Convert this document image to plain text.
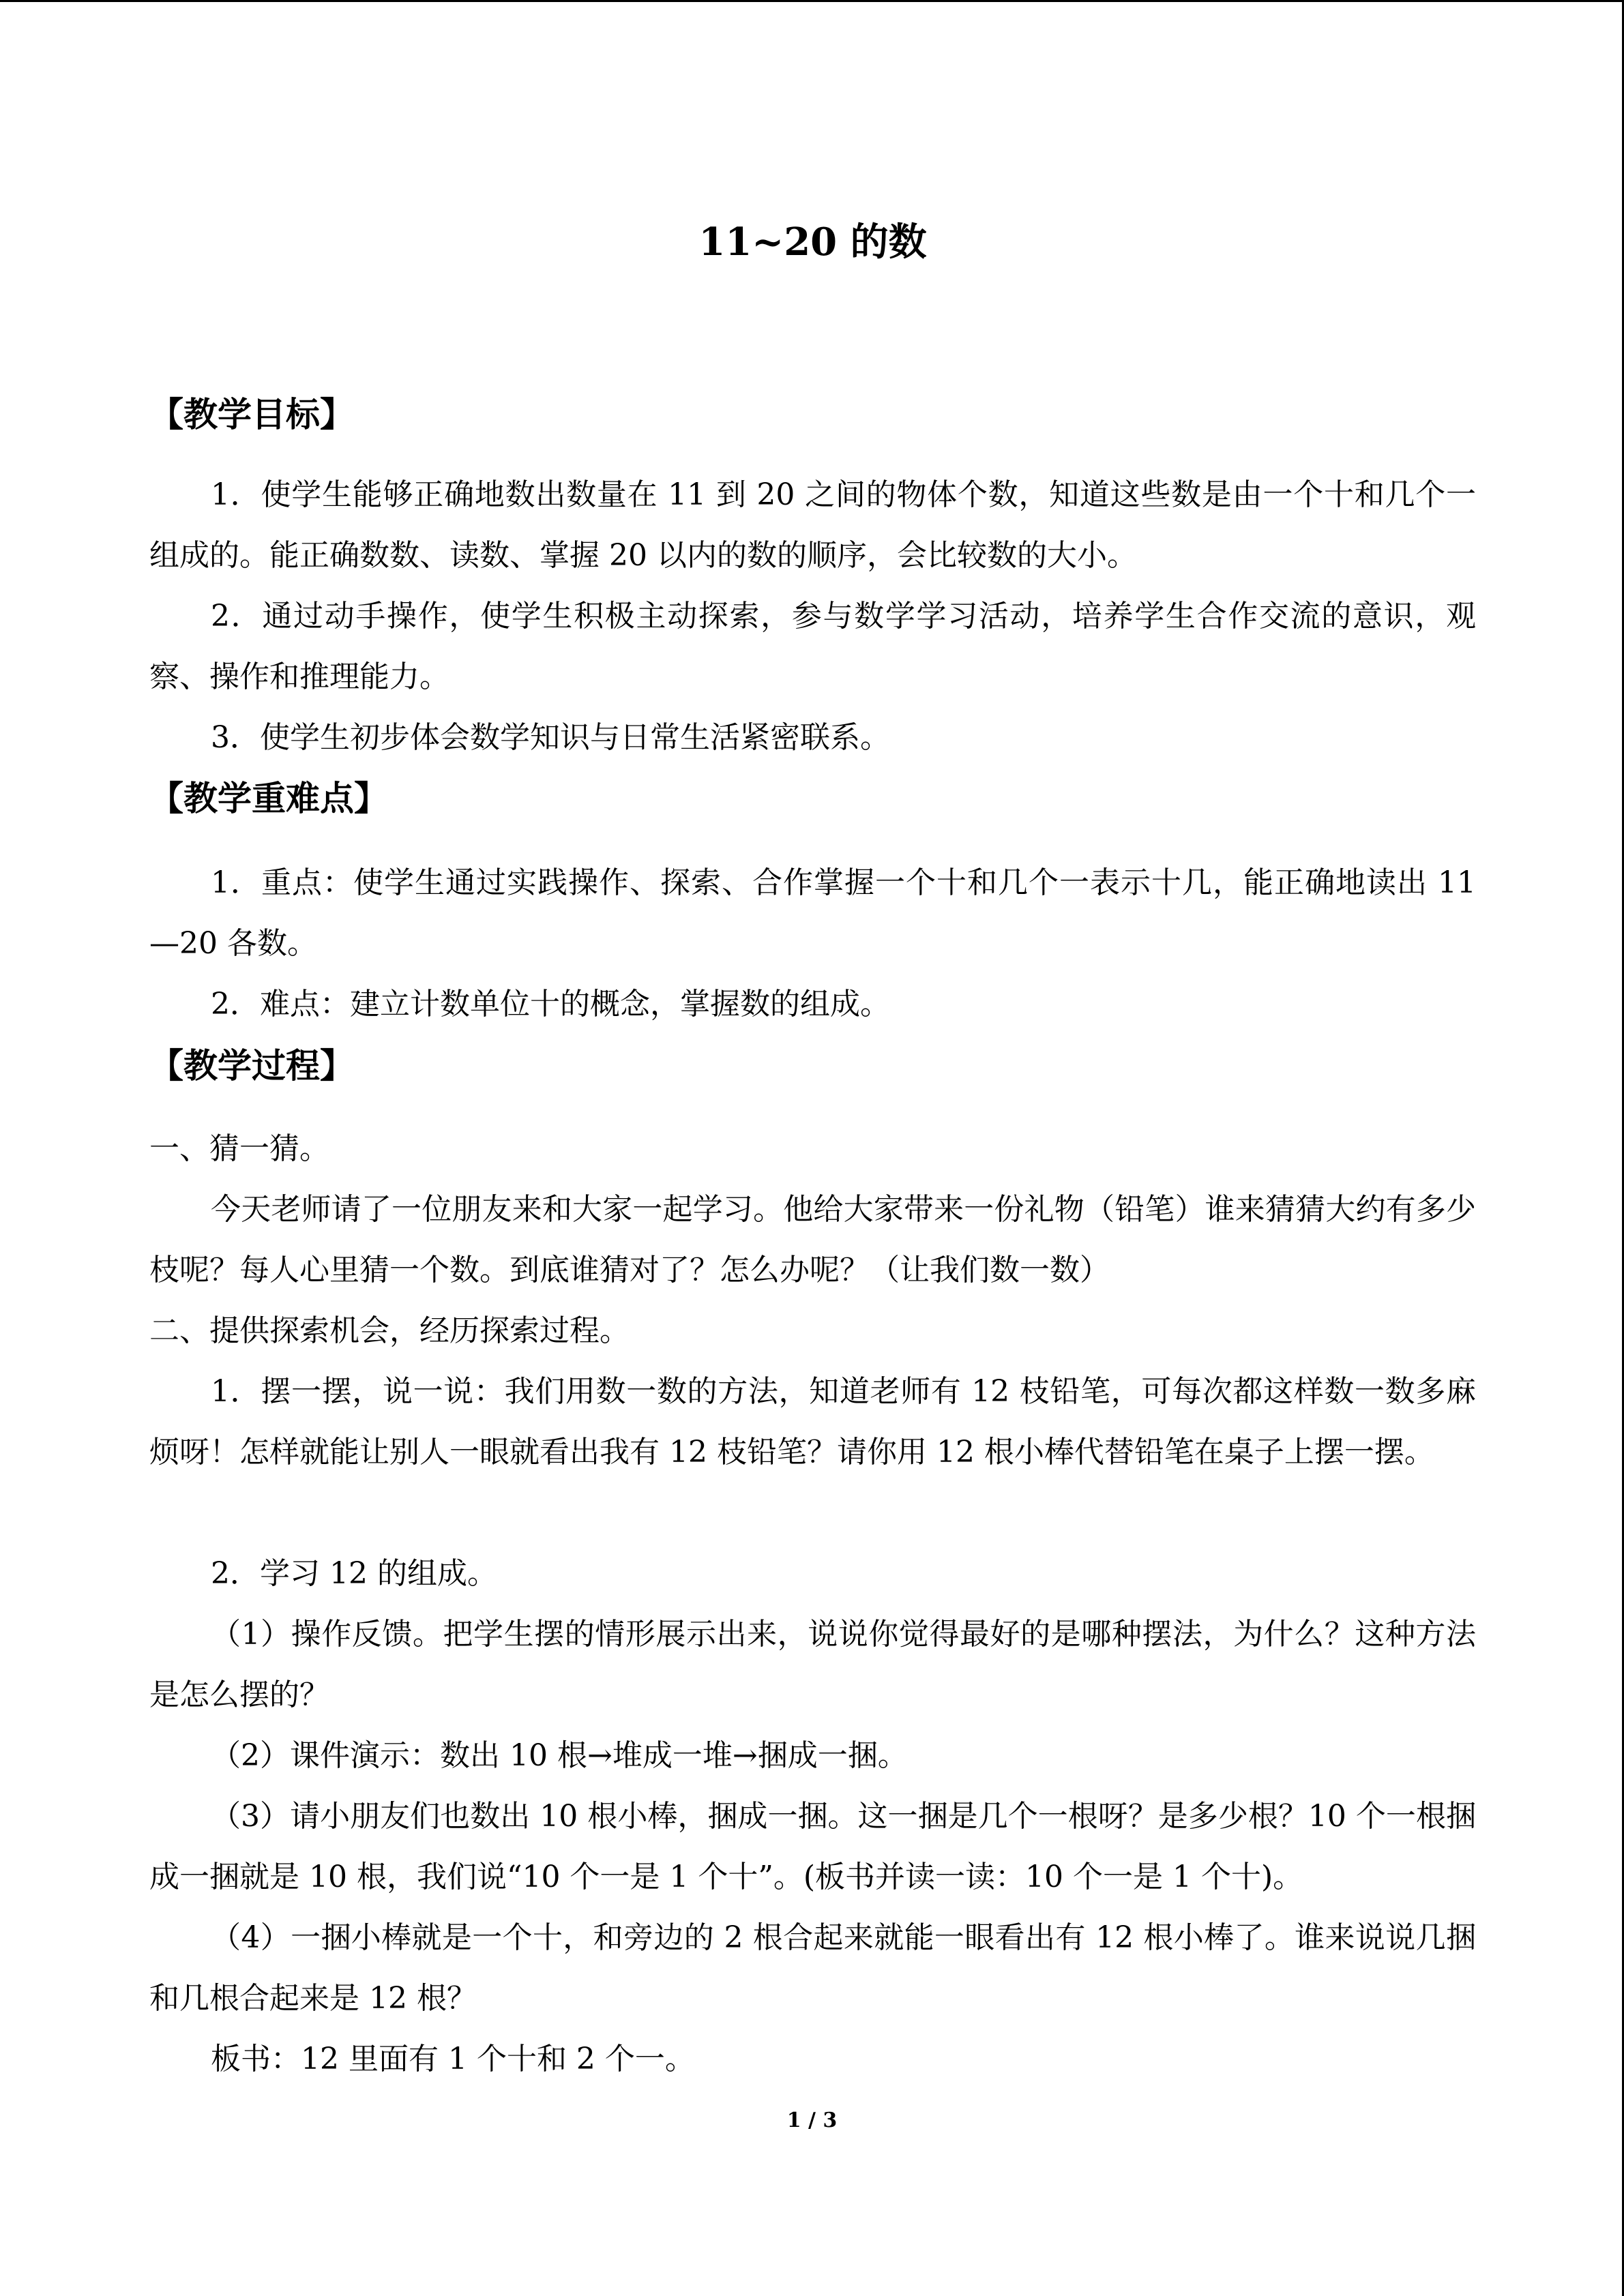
11~20 的数
【教学目标】

1．使学生能够正确地数出数量在 11 到 20 之间的物体个数，知道这些数是由一个十和几个一组成的。能正确数数、读数、掌握 20 以内的数的顺序，会比较数的大小。

2．通过动手操作，使学生积极主动探索，参与数学学习活动，培养学生合作交流的意识，观察、操作和推理能力。

3．使学生初步体会数学知识与日常生活紧密联系。

【教学重难点】

1．重点：使学生通过实践操作、探索、合作掌握一个十和几个一表示十几，能正确地读出 11—20 各数。

2．难点：建立计数单位十的概念，掌握数的组成。

【教学过程】

一、猜一猜。

今天老师请了一位朋友来和大家一起学习。他给大家带来一份礼物（铅笔）谁来猜猜大约有多少枝呢？每人心里猜一个数。到底谁猜对了？怎么办呢？（让我们数一数）

二、提供探索机会，经历探索过程。

1．摆一摆，说一说：我们用数一数的方法，知道老师有 12 枝铅笔，可每次都这样数一数多麻烦呀！怎样就能让别人一眼就看出我有 12 枝铅笔？请你用 12 根小棒代替铅笔在桌子上摆一摆。

2．学习 12 的组成。

（1）操作反馈。把学生摆的情形展示出来，说说你觉得最好的是哪种摆法，为什么？这种方法是怎么摆的？

（2）课件演示：数出 10 根→堆成一堆→捆成一捆。

（3）请小朋友们也数出 10 根小棒，捆成一捆。这一捆是几个一根呀？是多少根？10 个一根捆成一捆就是 10 根，我们说“10 个一是 1 个十”。(板书并读一读：10 个一是 1 个十)。

（4）一捆小棒就是一个十，和旁边的 2 根合起来就能一眼看出有 12 根小棒了。谁来说说几捆和几根合起来是 12 根？

板书：12 里面有 1 个十和 2 个一。

1 / 3
